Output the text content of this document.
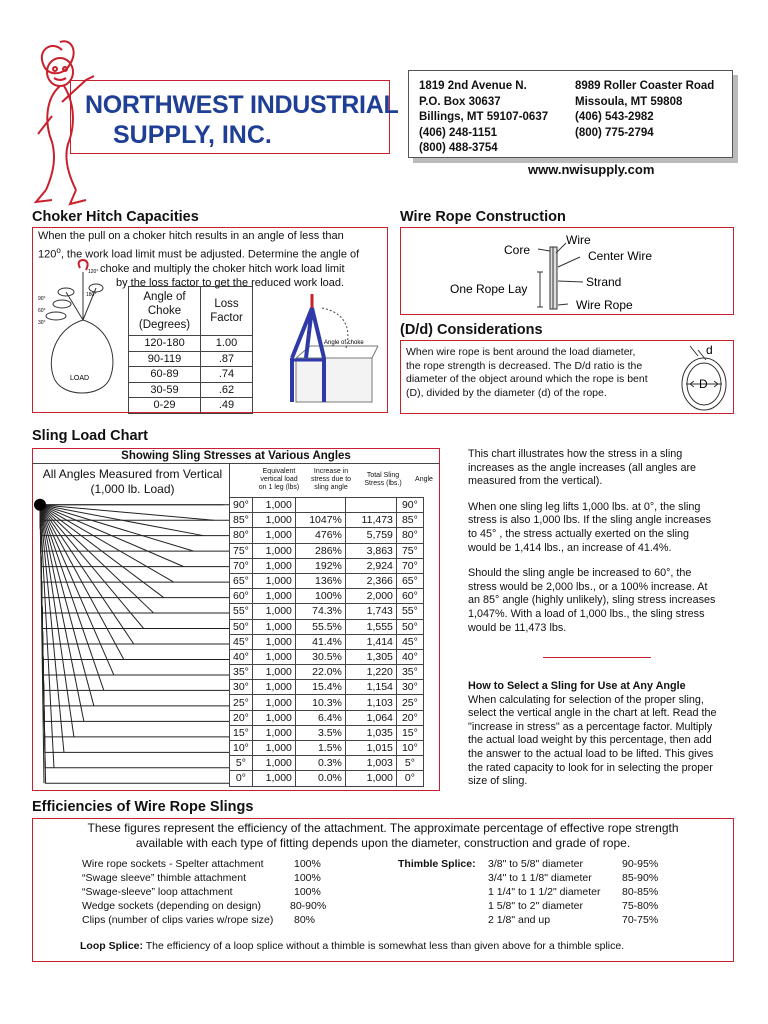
NORTHWEST INDUSTRIAL
SUPPLY, INC.
1819 2nd Avenue N.
P.O. Box 30637
Billings, MT 59107-0637
(406) 248-1151
(800) 488-3754
8989 Roller Coaster Road
Missoula, MT 59808
(406) 543-2982
(800) 775-2794
www.nwisupply.com
Choker Hitch Capacities
When the pull on a choker hitch results in an angle of less than
120$^o$, the work load limit must be adjusted. Determine the angle of
choke and multiply the choker hitch work load limit
by the loss factor to get the reduced work load.
LOAD
120°
180°
90°
60°
30°
Angle of
Choke
(Degrees)	Loss
Factor
120-180	1.00
90-119	.87
60-89	.74
30-59	.62
0-29	.49
Angle of choke
Wire Rope Construction
Core
Wire
Center Wire
Strand
One Rope Lay
Wire Rope
(D/d) Considerations
When wire rope is bent around the load diameter,
the rope strength is decreased. The D/d ratio is the
diameter of the object around which the rope is bent
(D), divided by the diameter (d) of the rope.
d
D
Sling Load Chart
Showing Sling Stresses at Various Angles
All Angles Measured from Vertical
(1,000 lb. Load)
Equivalent
vertical load
on 1 leg (lbs)
Increase in
stress due to
sling angle
Total Sling
Stress (lbs.)
Angle
90°	1,000			90°
85°	1,000	1047%	11,473	85°
80°	1,000	476%	5,759	80°
75°	1,000	286%	3,863	75°
70°	1,000	192%	2,924	70°
65°	1,000	136%	2,366	65°
60°	1,000	100%	2,000	60°
55°	1,000	74.3%	1,743	55°
50°	1,000	55.5%	1,555	50°
45°	1,000	41.4%	1,414	45°
40°	1,000	30.5%	1,305	40°
35°	1,000	22.0%	1,220	35°
30°	1,000	15.4%	1,154	30°
25°	1,000	10.3%	1,103	25°
20°	1,000	6.4%	1,064	20°
15°	1,000	3.5%	1,035	15°
10°	1,000	1.5%	1,015	10°
5°	1,000	0.3%	1,003	5°
0°	1,000	0.0%	1,000	0°
This chart illustrates how the stress in a sling
increases as the angle increases (all angles are
measured from the vertical).
When one sling leg lifts 1,000 lbs. at 0°, the sling
stress is also 1,000 lbs. If the sling angle increases
to 45° , the stress actually exerted on the sling
would be 1,414 lbs., an increase of 41.4%.
Should the sling angle be increased to 60°, the
stress would be 2,000 lbs., or a 100% increase. At
an 85° angle (highly unlikely), sling stress increases
1,047%. With a load of 1,000 lbs., the sling stress
would be 11,473 lbs.
How to Select a Sling for Use at Any Angle
When calculating for selection of the proper sling,
select the vertical angle in the chart at left. Read the
"increase in stress" as a percentage factor. Multiply
the actual load weight by this percentage, then add
the answer to the actual load to be lifted. This gives
the rated capacity to look for in selecting the proper
size of sling.
Efficiencies of Wire Rope Slings
These figures represent the efficiency of the attachment. The approximate percentage of effective rope strength
available with each type of fitting depends upon the diameter, construction and grade of rope.
Wire rope sockets - Spelter attachment	100%
“Swage sleeve” thimble attachment	100%
“Swage-sleeve” loop attachment	100%
Wedge sockets (depending on design)	80-90%
Clips (number of clips varies w/rope size) 80%
Thimble Splice: 3/8" to 5/8" diameter	90-95%
3/4" to 1 1/8" diameter	85-90%
1 1/4" to 1 1/2" diameter 80-85%
1 5/8" to 2" diameter	75-80%
2 1/8" and up	70-75%
Loop Splice: The efficiency of a loop splice without a thimble is somewhat less than given above for a thimble splice.
